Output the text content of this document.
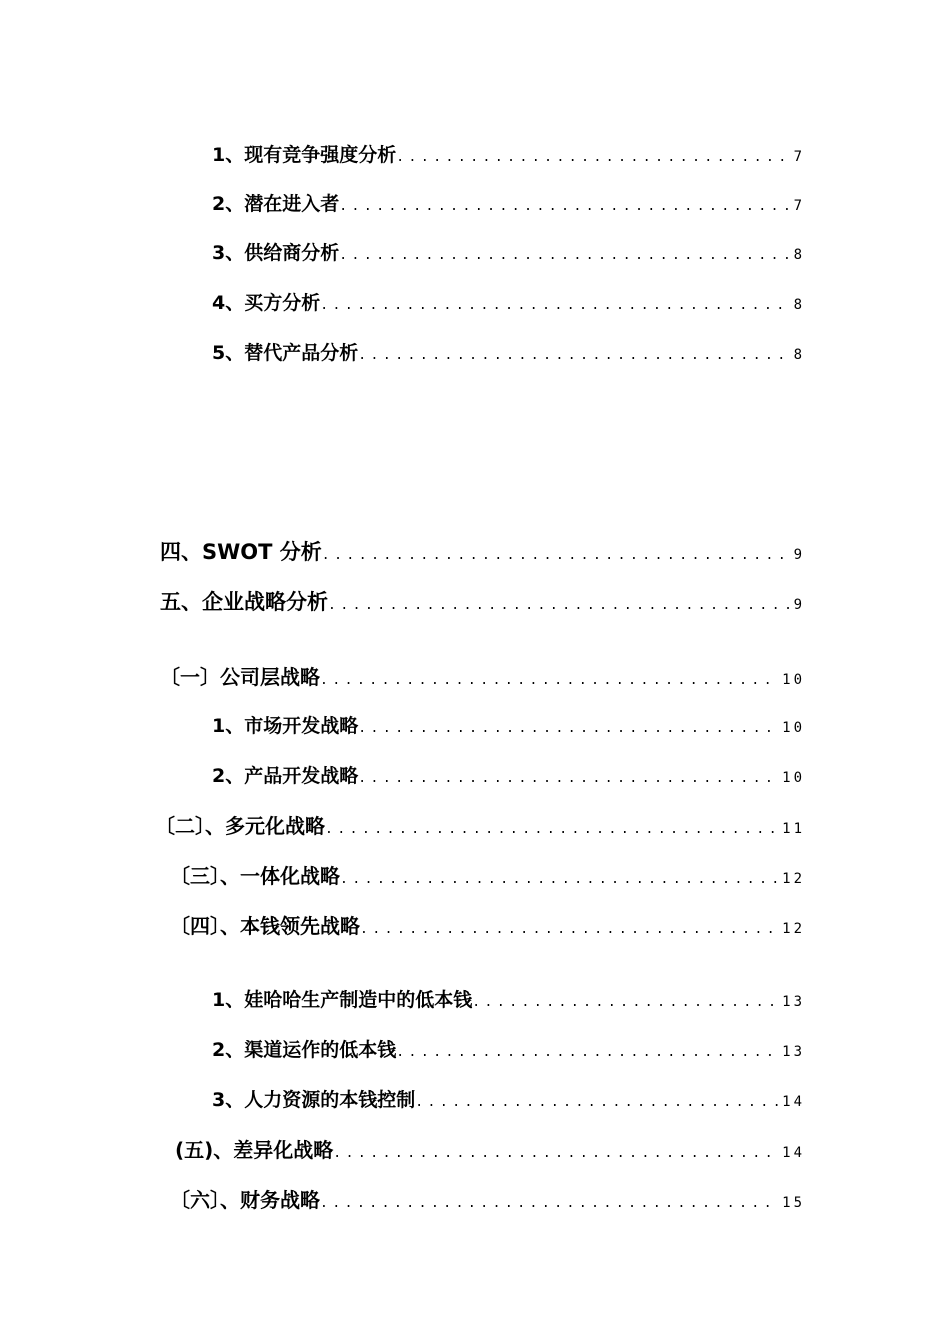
1、现有竞争强度分析 .....	7
2、潜在进入者 .....	7
3、供给商分析 .....	8
4、买方分析 .....	8
5、替代产品分析 .....	8
四、SWOT 分析 .....	9
五、企业战略分析 .....	9
〔一〕公司层战略 .....	10
1、市场开发战略 .....	10
2、产品开发战略 .....	10
〔二〕、多元化战略 .....	11
〔三〕、一体化战略 .....	12
〔四〕、本钱领先战略 .....	12
1、娃哈哈生产制造中的低本钱 .....	13
2、渠道运作的低本钱 .....	13
3、人力资源的本钱控制 .....	14
(五)、差异化战略 .....	14
〔六〕、财务战略 .....	15
